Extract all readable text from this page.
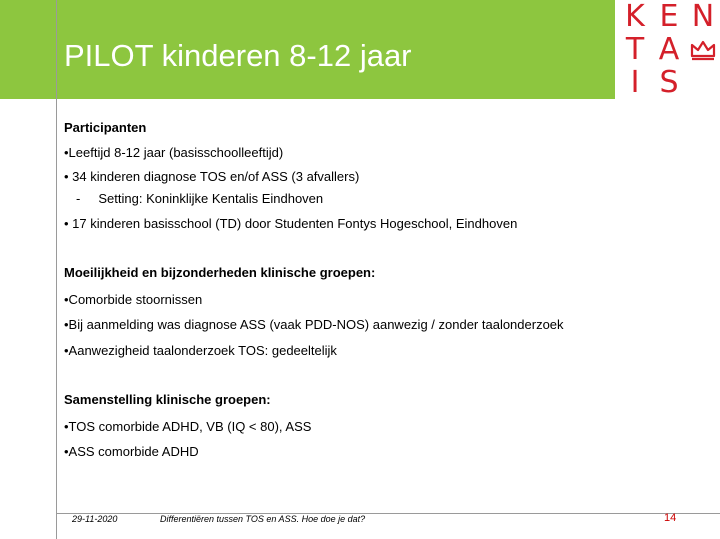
PILOT kinderen 8-12 jaar
K E N
T A
I S
Participanten
•Leeftijd 8-12 jaar (basisschoolleeftijd)
• 34 kinderen diagnose TOS en/of ASS (3 afvallers)
-     Setting: Koninklijke Kentalis Eindhoven
• 17 kinderen basisschool (TD) door Studenten Fontys Hogeschool, Eindhoven
Moeilijkheid en bijzonderheden klinische groepen:
•Comorbide stoornissen
•Bij aanmelding was diagnose ASS (vaak PDD-NOS) aanwezig / zonder taalonderzoek
•Aanwezigheid taalonderzoek TOS: gedeeltelijk
Samenstelling klinische groepen:
•TOS comorbide ADHD, VB (IQ < 80), ASS
•ASS comorbide ADHD
29-11-2020	Differentiëren tussen TOS en ASS. Hoe doe je dat?	14
